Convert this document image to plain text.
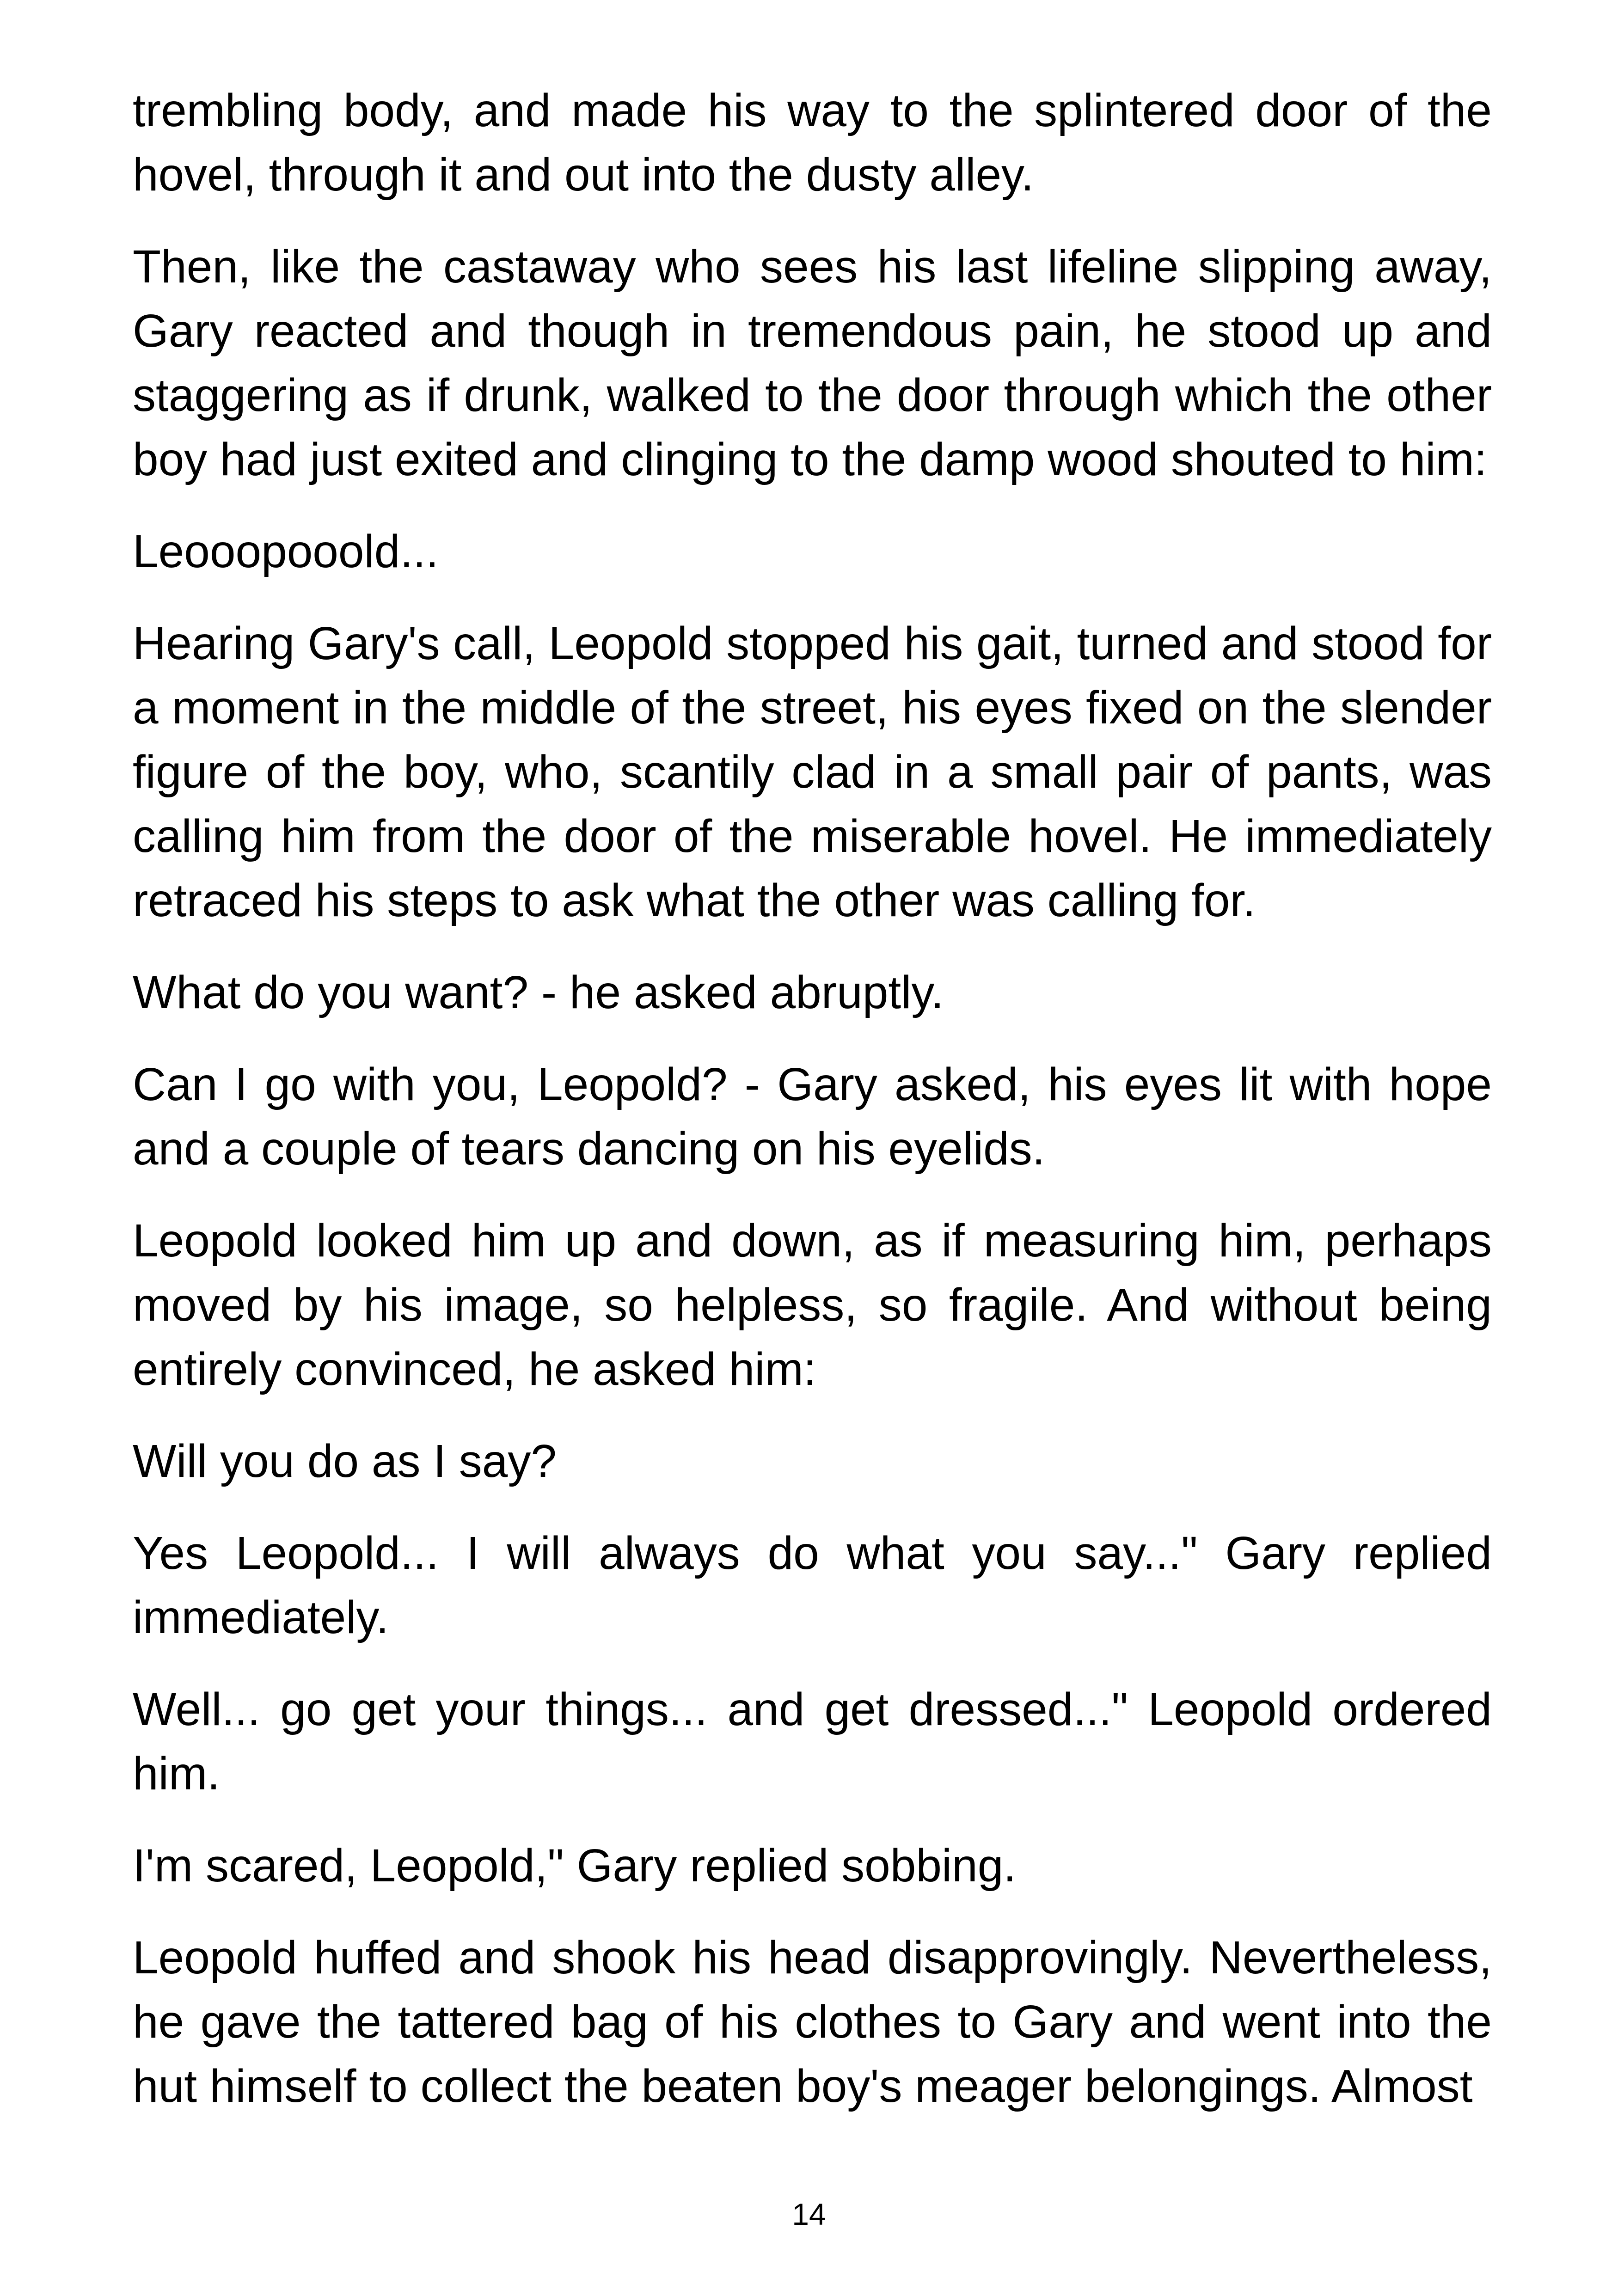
trembling body, and made his way to the splintered door of the hovel, through it and out into the dusty alley.

Then, like the castaway who sees his last lifeline slipping away, Gary reacted and though in tremendous pain, he stood up and staggering as if drunk, walked to the door through which the other boy had just exited and clinging to the damp wood shouted to him:

Leooopooold...

Hearing Gary's call, Leopold stopped his gait, turned and stood for a moment in the middle of the street, his eyes fixed on the slender figure of the boy, who, scantily clad in a small pair of pants, was calling him from the door of the miserable hovel. He immediately retraced his steps to ask what the other was calling for.

What do you want? - he asked abruptly.

Can I go with you, Leopold? - Gary asked, his eyes lit with hope and a couple of tears dancing on his eyelids.

Leopold looked him up and down, as if measuring him, perhaps moved by his image, so helpless, so fragile. And without being entirely convinced, he asked him:

Will you do as I say?

Yes Leopold... I will always do what you say..." Gary replied immediately.

Well... go get your things... and get dressed..." Leopold ordered him.

I'm scared, Leopold," Gary replied sobbing.

Leopold huffed and shook his head disapprovingly. Nevertheless, he gave the tattered bag of his clothes to Gary and went into the hut himself to collect the beaten boy's meager belongings. Almost

14
